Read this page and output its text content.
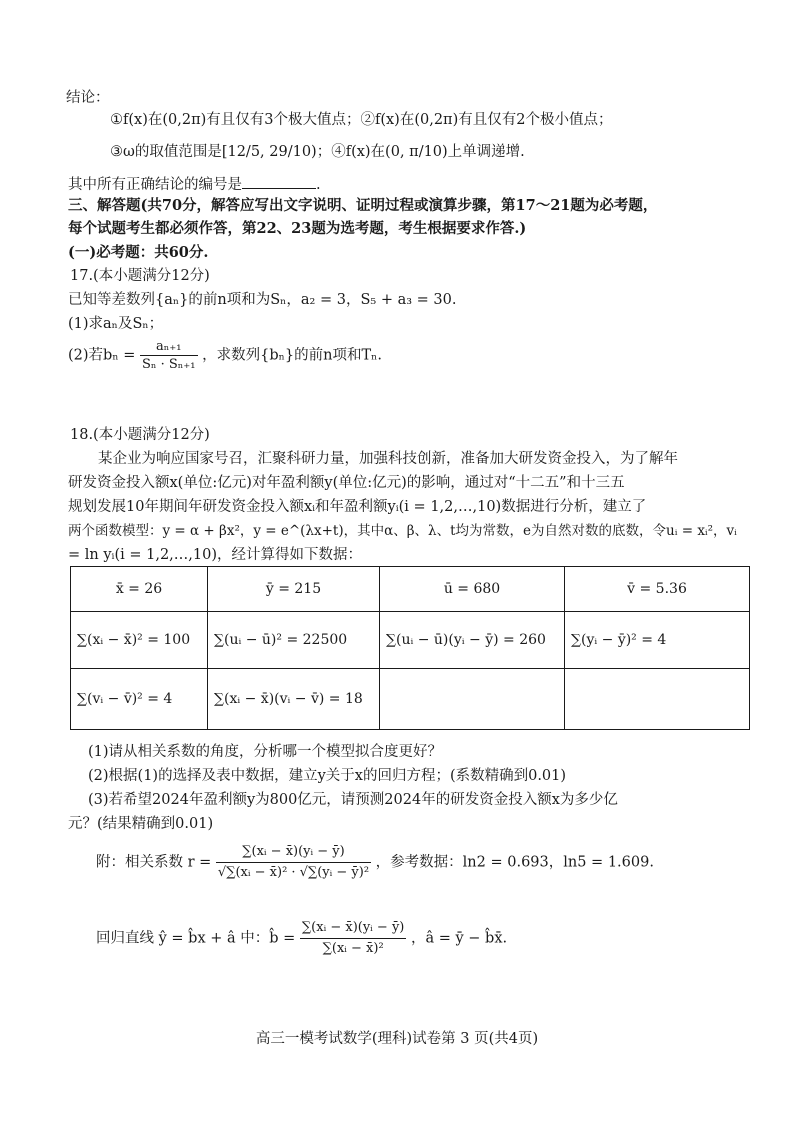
结论：
①f(x)在(0,2π)有且仅有3个极大值点；②f(x)在(0,2π)有且仅有2个极小值点；
③ω的取值范围是[12/5, 29/10)；④f(x)在(0, π/10)上单调递增.
其中所有正确结论的编号是	.
三、解答题(共70分，解答应写出文字说明、证明过程或演算步骤，第17～21题为必考题，
每个试题考生都必须作答，第22、23题为选考题，考生根据要求作答.)
(一)必考题：共60分.
17.(本小题满分12分)
已知等差数列{aₙ}的前n项和为Sₙ，a₂ = 3，S₅ + a₃ = 30.
(1)求aₙ及Sₙ；
(2)若$b_n = \frac{\text{aₙ₊₁}}{\text{Sₙ · Sₙ₊₁}}$ ，求数列{bₙ}的前n项和Tₙ.
18.(本小题满分12分)
某企业为响应国家号召，汇聚科研力量，加强科技创新，准备加大研发资金投入，为了解年
研发资金投入额x(单位:亿元)对年盈利额y(单位:亿元)的影响，通过对“十二五”和十三五
规划发展10年期间年研发资金投入额xᵢ和年盈利额yᵢ(i = 1,2,…,10)数据进行分析，建立了
两个函数模型：y = α + βx²，y = e^(λx+t)，其中α、β、λ、t均为常数，e为自然对数的底数，令uᵢ = xᵢ²，vᵢ
= ln yᵢ(i = 1,2,…,10)，经计算得如下数据：
x̄ = 26	ȳ = 215	ū = 680	v̄ = 5.36
∑(xᵢ − x̄)² = 100	∑(uᵢ − ū)² = 22500	∑(uᵢ − ū)(yᵢ − ȳ) = 260	∑(yᵢ − ȳ)² = 4
∑(vᵢ − v̄)² = 4	∑(xᵢ − x̄)(vᵢ − v̄) = 18		
(1)请从相关系数的角度，分析哪一个模型拟合度更好？
(2)根据(1)的选择及表中数据，建立y关于x的回归方程；(系数精确到0.01)
(3)若希望2024年盈利额y为800亿元，请预测2024年的研发资金投入额x为多少亿
元？(结果精确到0.01)
附：相关系数 $r = \frac{\text{∑(xᵢ − x̄)(yᵢ − ȳ)}}{\text{√∑(xᵢ − x̄)² · √∑(yᵢ − ȳ)²}}$ ，参考数据：ln2 = 0.693，ln5 = 1.609.
回归直线 ŷ = b̂x + â 中：b̂ = $\frac{\text{∑(xᵢ − x̄)(yᵢ − ȳ)}}{\text{∑(xᵢ − x̄)²}}$ ，â = ȳ − b̂x̄.
高三一模考试数学(理科)试卷第 3 页(共4页)
